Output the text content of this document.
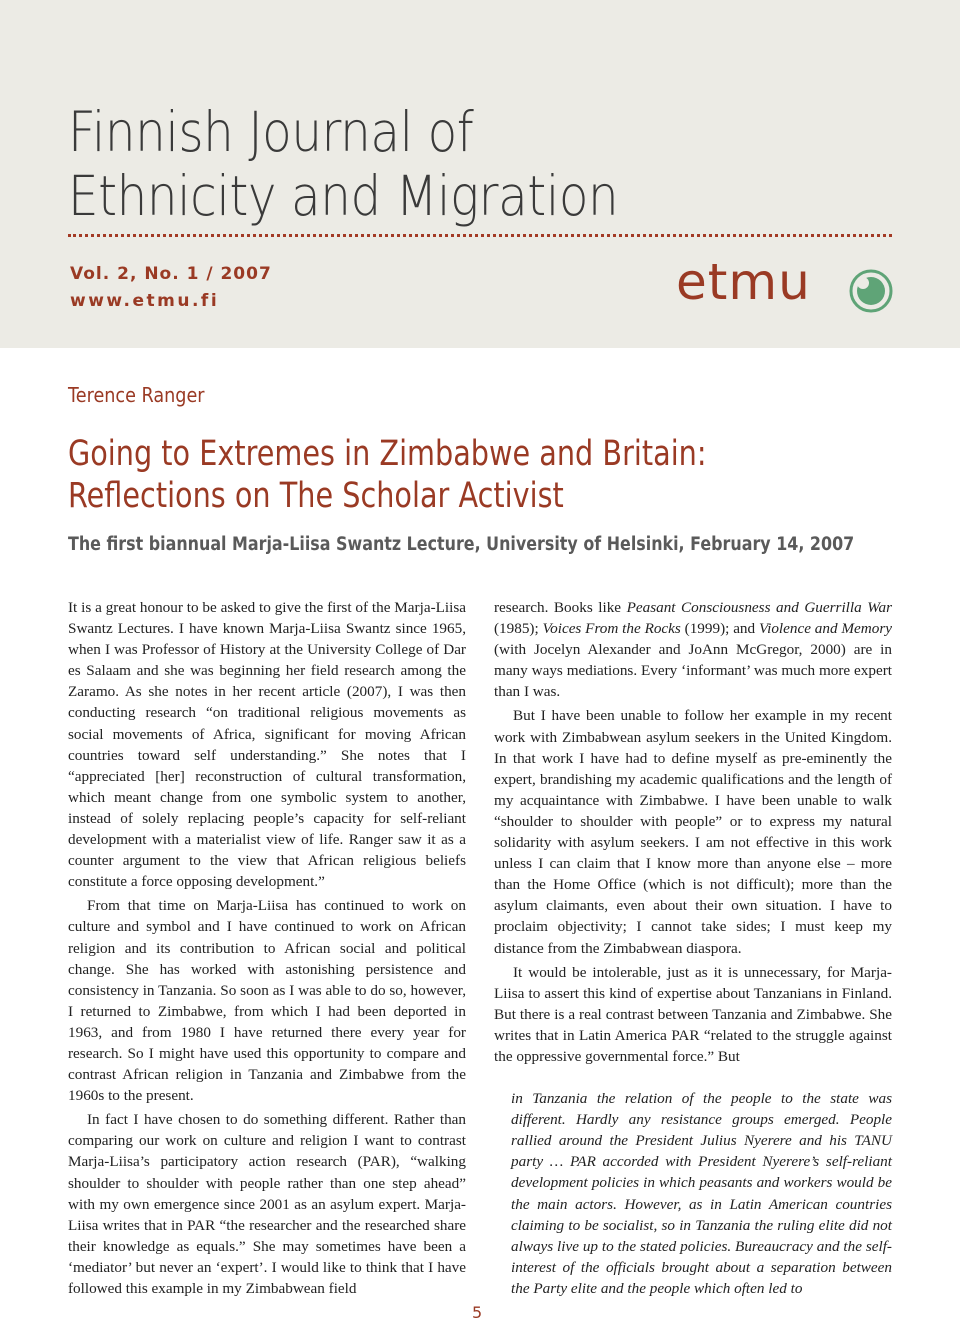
Finnish Journal of
Ethnicity and Migration
Vol. 2, No. 1 / 2007
www.etmu.fi	etmu
Terence Ranger
Going to Extremes in Zimbabwe and Britain:
Reflections on The Scholar Activist
The first biannual Marja-Liisa Swantz Lecture, University of Helsinki, February 14, 2007

It is a great honour to be asked to give the first of the Marja-Liisa Swantz Lectures. I have known Marja-Liisa Swantz since 1965, when I was Professor of History at the University College of Dar es Salaam and she was beginning her field research among the Zaramo. As she notes in her recent article (2007), I was then conducting research “on traditional religious movements as social movements of Africa, significant for moving African countries toward self understanding.” She notes that I “appreciated [her] reconstruction of cultural transformation, which meant change from one symbolic system to another, instead of solely replacing people’s capacity for self-reliant development with a materialist view of life. Ranger saw it as a counter argument to the view that African religious beliefs constitute a force opposing development.”

From that time on Marja-Liisa has continued to work on culture and symbol and I have continued to work on African religion and its contribution to African social and political change. She has worked with astonishing persistence and consistency in Tanzania. So soon as I was able to do so, however, I returned to Zimbabwe, from which I had been deported in 1963, and from 1980 I have returned there every year for research. So I might have used this opportunity to compare and contrast African religion in Tanzania and Zimbabwe from the 1960s to the present.

In fact I have chosen to do something different. Rather than comparing our work on culture and religion I want to contrast Marja-Liisa’s participatory action research (PAR), “walking shoulder to shoulder with people rather than one step ahead” with my own emergence since 2001 as an asylum expert. Marja-Liisa writes that in PAR “the researcher and the researched share their knowledge as equals.” She may sometimes have been a ‘mediator’ but never an ‘expert’. I would like to think that I have followed this example in my Zimbabwean field

research. Books like Peasant Consciousness and Guerrilla War (1985); Voices From the Rocks (1999); and Violence and Memory (with Jocelyn Alexander and JoAnn McGregor, 2000) are in many ways mediations. Every ‘informant’ was much more expert than I was.

But I have been unable to follow her example in my recent work with Zimbabwean asylum seekers in the United Kingdom. In that work I have had to define myself as pre-eminently the expert, brandishing my academic qualifications and the length of my acquaintance with Zimbabwe. I have been unable to walk “shoulder to shoulder with people” or to express my natural solidarity with asylum seekers. I am not effective in this work unless I can claim that I know more than anyone else – more than the Home Office (which is not difficult); more than the asylum claimants, even about their own situation. I have to proclaim objectivity; I cannot take sides; I must keep my distance from the Zimbabwean diaspora.

It would be intolerable, just as it is unnecessary, for Marja-Liisa to assert this kind of expertise about Tanzanians in Finland. But there is a real contrast between Tanzania and Zimbabwe. She writes that in Latin America PAR “related to the struggle against the oppressive governmental force.” But

in Tanzania the relation of the people to the state was different. Hardly any resistance groups emerged. People rallied around the President Julius Nyerere and his TANU party … PAR accorded with President Nyerere’s self-reliant development policies in which peasants and workers would be the main actors. However, as in Latin American countries claiming to be socialist, so in Tanzania the ruling elite did not always live up to the stated policies. Bureaucracy and the self-interest of the officials brought about a separation between the Party elite and the people which often led to

5
